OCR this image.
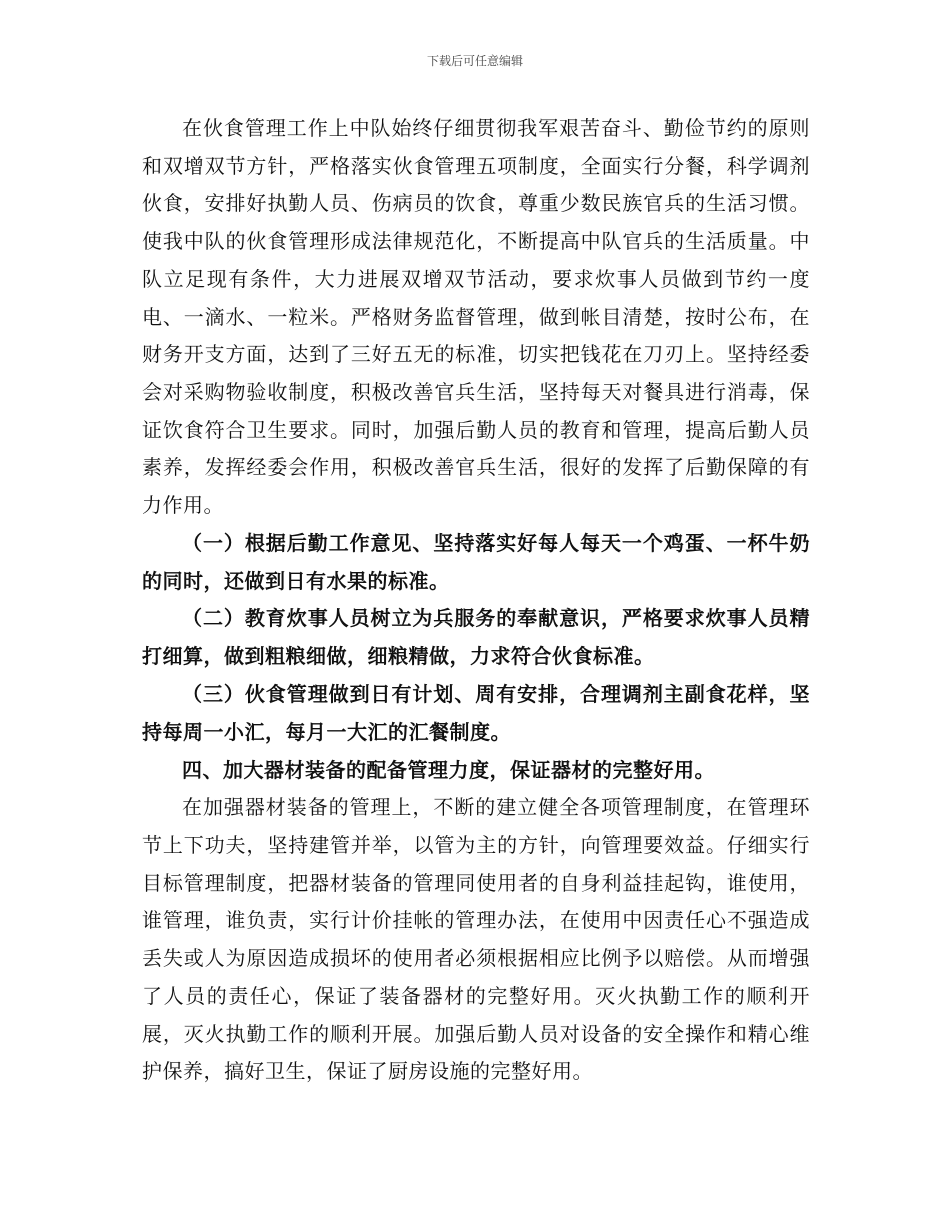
下载后可任意编辑

在伙食管理工作上中队始终仔细贯彻我军艰苦奋斗、勤俭节约的原则和双增双节方针，严格落实伙食管理五项制度，全面实行分餐，科学调剂伙食，安排好执勤人员、伤病员的饮食，尊重少数民族官兵的生活习惯。使我中队的伙食管理形成法律规范化，不断提高中队官兵的生活质量。中队立足现有条件，大力进展双增双节活动，要求炊事人员做到节约一度电、一滴水、一粒米。严格财务监督管理，做到帐目清楚，按时公布，在财务开支方面，达到了三好五无的标准，切实把钱花在刀刃上。坚持经委会对采购物验收制度，积极改善官兵生活，坚持每天对餐具进行消毒，保证饮食符合卫生要求。同时，加强后勤人员的教育和管理，提高后勤人员素养，发挥经委会作用，积极改善官兵生活，很好的发挥了后勤保障的有力作用。

（一）根据后勤工作意见、坚持落实好每人每天一个鸡蛋、一杯牛奶的同时，还做到日有水果的标准。

（二）教育炊事人员树立为兵服务的奉献意识，严格要求炊事人员精打细算，做到粗粮细做，细粮精做，力求符合伙食标准。

（三）伙食管理做到日有计划、周有安排，合理调剂主副食花样，坚持每周一小汇，每月一大汇的汇餐制度。

四、加大器材装备的配备管理力度，保证器材的完整好用。

在加强器材装备的管理上，不断的建立健全各项管理制度，在管理环节上下功夫，坚持建管并举，以管为主的方针，向管理要效益。仔细实行目标管理制度，把器材装备的管理同使用者的自身利益挂起钩，谁使用，谁管理，谁负责，实行计价挂帐的管理办法，在使用中因责任心不强造成丢失或人为原因造成损坏的使用者必须根据相应比例予以赔偿。从而增强了人员的责任心，保证了装备器材的完整好用。灭火执勤工作的顺利开展，灭火执勤工作的顺利开展。加强后勤人员对设备的安全操作和精心维护保养，搞好卫生，保证了厨房设施的完整好用。
